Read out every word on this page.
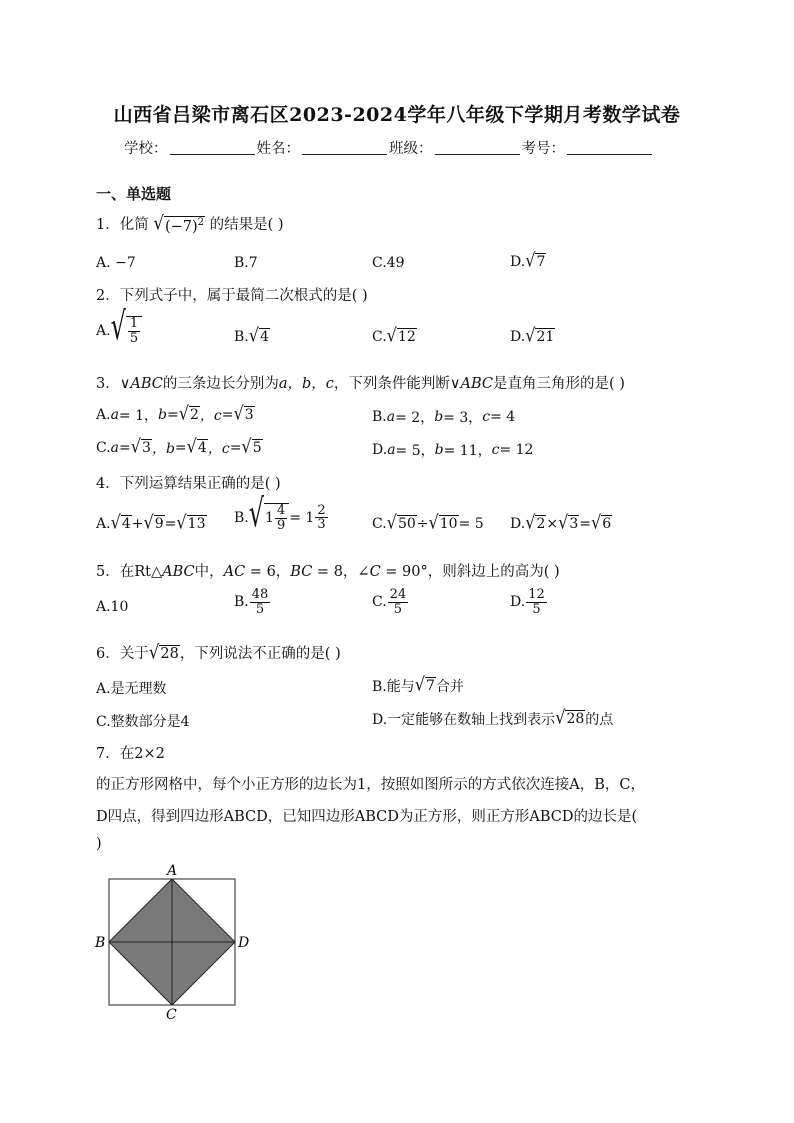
山西省吕梁市离石区2023-2024学年八年级下学期月考数学试卷
学校：	姓名：	班级：	考号：
一、单选题
1．化简 √ $(-7)^2$ 的结果是( )
A. −7	B.7	C.49	D. √ 7
2．下列式子中，属于最简二次根式的是( )
A. √ $\frac{1}{5}$	B. √ 4	C. √ 12	D. √ 21
3．∨ABC的三条边长分别为a，b，c，下列条件能判断∨ABC是直角三角形的是( )
A. a = 1， b = √ 2 ，c = √ 3	B. a = 2， b = 3， c = 4
C. a = √ 3 ，b = √ 4 ，c = √ 5	D. a = 5， b = 11， c = 12
4．下列运算结果正确的是( )
A. √ 4 + √ 9 = √ 13 B. √ $1 \frac{4}{9} = 1 \frac{2}{3}$	C. √ 50 ÷ √ 10 = 5 D. √ 2 × √ 3 = √ 6
5．在Rt△ABC中，AC = 6，BC = 8，∠C = 90°，则斜边上的高为( )
A.10	B. $\frac{48}{5}$	C. $\frac{24}{5}$	D. $\frac{12}{5}$
6．关于 √ 28 ，下列说法不正确的是( )
A.是无理数	B.能与 √ 7 合并
C.整数部分是4	D.一定能够在数轴上找到表示 √ 28 的点
7．在2×2
的正方形网格中，每个小正方形的边长为1，按照如图所示的方式依次连接A，B，C，
D四点，得到四边形ABCD，已知四边形ABCD为正方形，则正方形ABCD的边长是(
)
A
B
C
D
